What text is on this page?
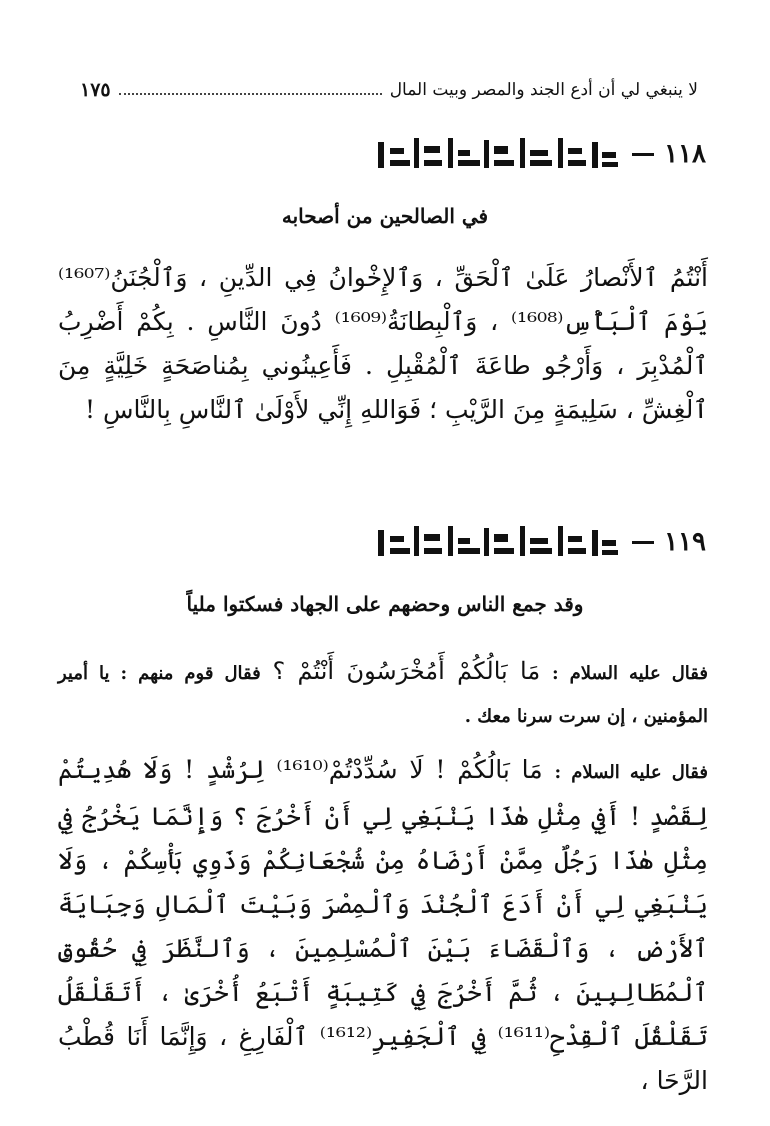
لا ينبغي لي أن أدع الجند والمصر وبيت المال
١٧٥
١١٨
في الصالحين من أصحابه

أَنْتُمُ ٱلأَنْصارُ عَلَىٰ ٱلْحَقِّ ، وَٱلإِخْوانُ فِي الدِّينِ ، وَٱلْجُنَنُ⁽¹⁶⁰⁷⁾ يَوْمَ ٱلْبَأْسِ⁽¹⁶⁰⁸⁾ ، وَٱلْبِطانَةُ⁽¹⁶⁰⁹⁾ دُونَ النَّاسِ . بِكُمْ أَضْرِبُ ٱلْمُدْبِرَ ، وَأَرْجُو طاعَةَ ٱلْمُقْبِلِ . فَأَعِينُوني بِمُناصَحَةٍ خَلِيَّةٍ مِنَ ٱلْغِشِّ ، سَلِيمَةٍ مِنَ الرَّيْبِ ؛ فَوَاللهِ إِنِّي لأَوْلَىٰ ٱلنَّاسِ بِالنَّاسِ !

١١٩
وقد جمع الناس وحضهم على الجهاد فسكتوا ملياً
فقال عليه السلام : مَا بَالُكُمْ أَمُخْرَسُونَ أَنْتُمْ ؟ فقال قوم منهم : يا أمير المؤمنين ، إن سرت سرنا معك .
فقال عليه السلام : مَا بَالُكُمْ ! لَا سُدِّدْتُمْ⁽¹⁶¹⁰⁾ لِرُشْدٍ ! وَلَا هُدِيتُمْ لِقَصْدٍ ! أَفِي مِثْلِ هٰذَا يَنْبَغِي لِي أَنْ أَخْرُجَ ؟ وَإِنَّمَا يَخْرُجُ فِي مِثْلِ هٰذَا رَجُلٌ مِمَّنْ أَرْضَاهُ مِنْ شُجْعَانِكُمْ وَذَوِي بَأْسِكُمْ ، وَلَا يَنْبَغِي لِي أَنْ أَدَعَ ٱلْجُنْدَ وَٱلْمِصْرَ وَبَيْتَ ٱلْمَالِ وَجِبَايَةَ ٱلأَرْضِ ، وَٱلْقَضَاءَ بَيْنَ ٱلْمُسْلِمِينَ ، وَٱلنَّظَرَ فِي حُقُوقِ ٱلْمُطَالِبِينَ ، ثُمَّ أَخْرُجَ فِي كَتِيبَةٍ أَتْبَعُ أُخْرَىٰ ، أَتَقَلْقَلُ تَقَلْقُلَ ٱلْقِدْحِ⁽¹⁶¹¹⁾ فِي ٱلْجَفِيرِ⁽¹⁶¹²⁾ ٱلْفَارِغِ ، وَإِنَّمَا أَنَا قُطْبُ الرَّحَا ،
